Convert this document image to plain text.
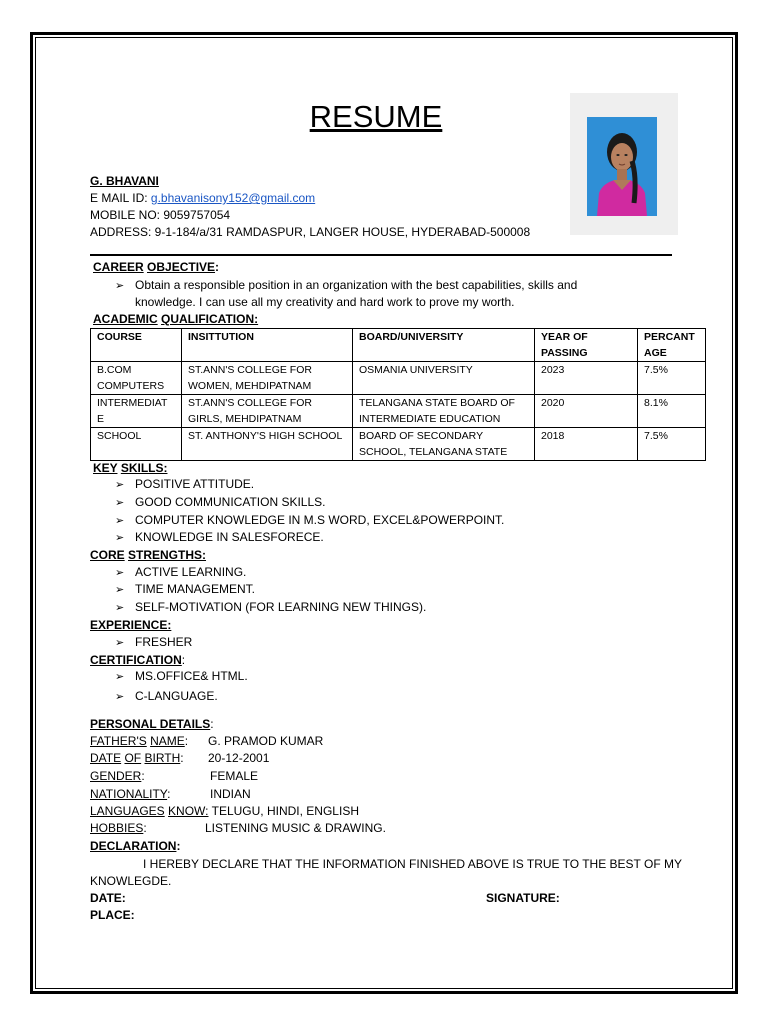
RESUME
G. BHAVANI
E MAIL ID: g.bhavanisony152@gmail.com
MOBILE NO: 9059757054
ADDRESS: 9-1-184/a/31 RAMDASPUR, LANGER HOUSE, HYDERABAD-500008
CAREER OBJECTIVE:
➢ Obtain a responsible position in an organization with the best capabilities, skills and
knowledge. I can use all my creativity and hard work to prove my worth.
ACADEMIC QUALIFICATION:
COURSE	INSITTUTION	BOARD/UNIVERSITY	YEAR OF PASSING	PERCANT AGE
B.COM COMPUTERS	ST.ANN'S COLLEGE FOR WOMEN, MEHDIPATNAM	OSMANIA UNIVERSITY	2023	7.5%
INTERMEDIAT E	ST.ANN'S COLLEGE FOR GIRLS, MEHDIPATNAM	TELANGANA STATE BOARD OF INTERMEDIATE EDUCATION	2020	8.1%
SCHOOL	ST. ANTHONY'S HIGH SCHOOL	BOARD OF SECONDARY SCHOOL, TELANGANA STATE	2018	7.5%
KEY SKILLS:
➢ POSITIVE ATTITUDE.
➢ GOOD COMMUNICATION SKILLS.
➢ COMPUTER KNOWLEDGE IN M.S WORD, EXCEL&POWERPOINT.
➢ KNOWLEDGE IN SALESFORECE.
CORE STRENGTHS:
➢ ACTIVE LEARNING.
➢ TIME MANAGEMENT.
➢ SELF-MOTIVATION (FOR LEARNING NEW THINGS).
EXPERIENCE:
➢ FRESHER
CERTIFICATION:
➢ MS.OFFICE& HTML.
➢ C-LANGUAGE.
PERSONAL DETAILS:
FATHER'S NAME: G. PRAMOD KUMAR
DATE OF BIRTH: 20-12-2001
GENDER:	FEMALE
NATIONALITY:	INDIAN
LANGUAGES KNOW: TELUGU, HINDI, ENGLISH
HOBBIES:	LISTENING MUSIC & DRAWING.
DECLARATION:
I HEREBY DECLARE THAT THE INFORMATION FINISHED ABOVE IS TRUE TO THE BEST OF MY
KNOWLEGDE.
DATE:	SIGNATURE:
PLACE:
